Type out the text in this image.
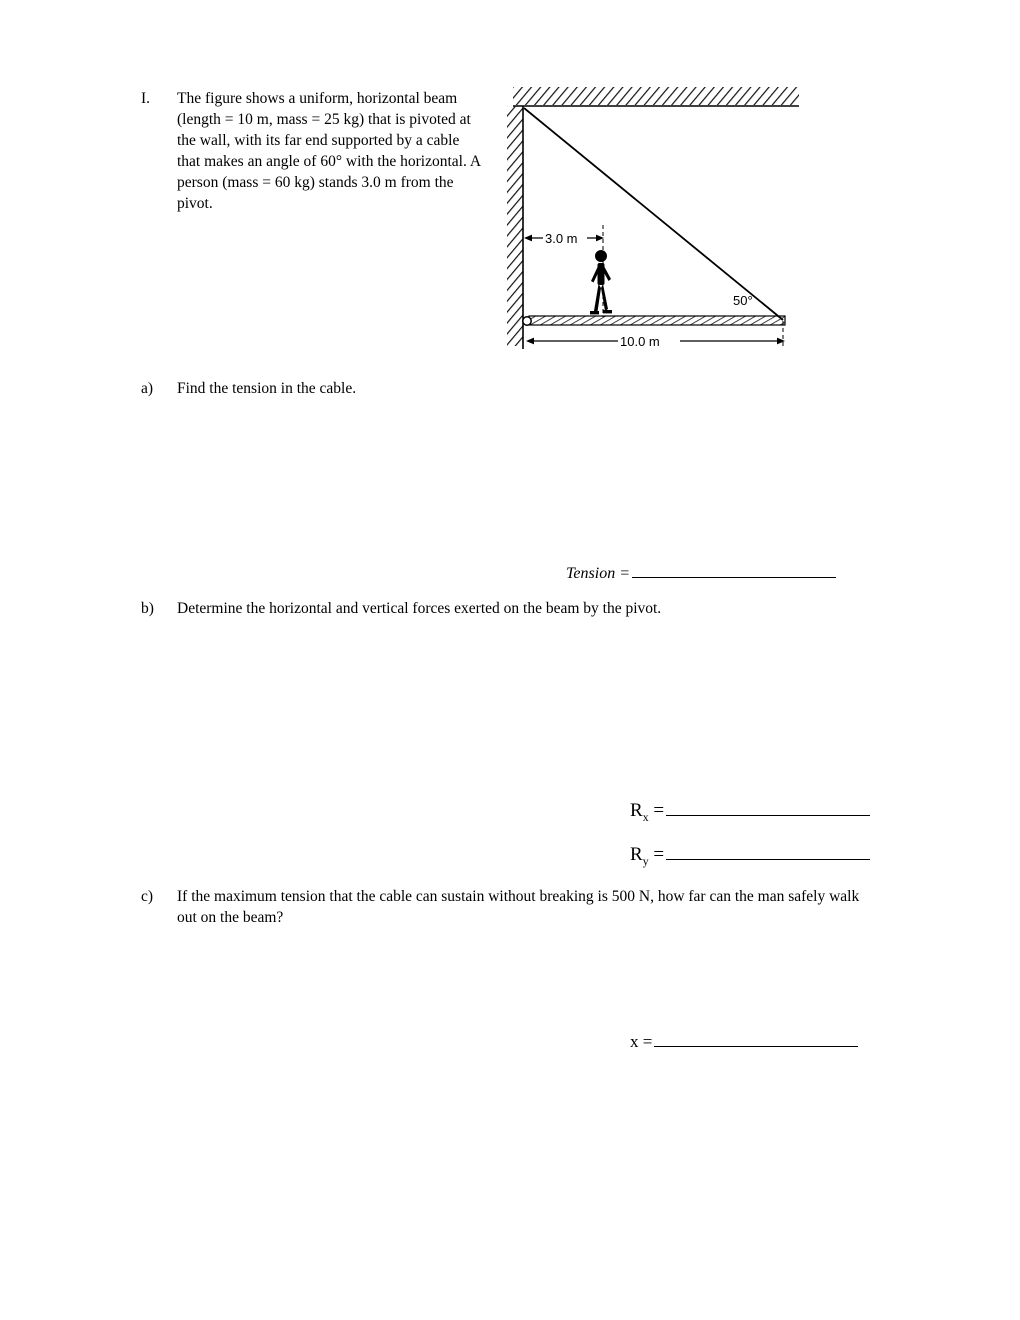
I.	The figure shows a uniform, horizontal beam (length = 10 m, mass = 25 kg) that is pivoted at the wall, with its far end supported by a cable that makes an angle of 60° with the horizontal. A person (mass = 60 kg) stands 3.0 m from the pivot.
50°
3.0 m
10.0 m
a)	Find the tension in the cable.
Tension =
b)	Determine the horizontal and vertical forces exerted on the beam by the pivot.
$R_x$ =
$R_y$ =
c)	If the maximum tension that the cable can sustain without breaking is 500 N, how far can the man safely walk out on the beam?
x =
